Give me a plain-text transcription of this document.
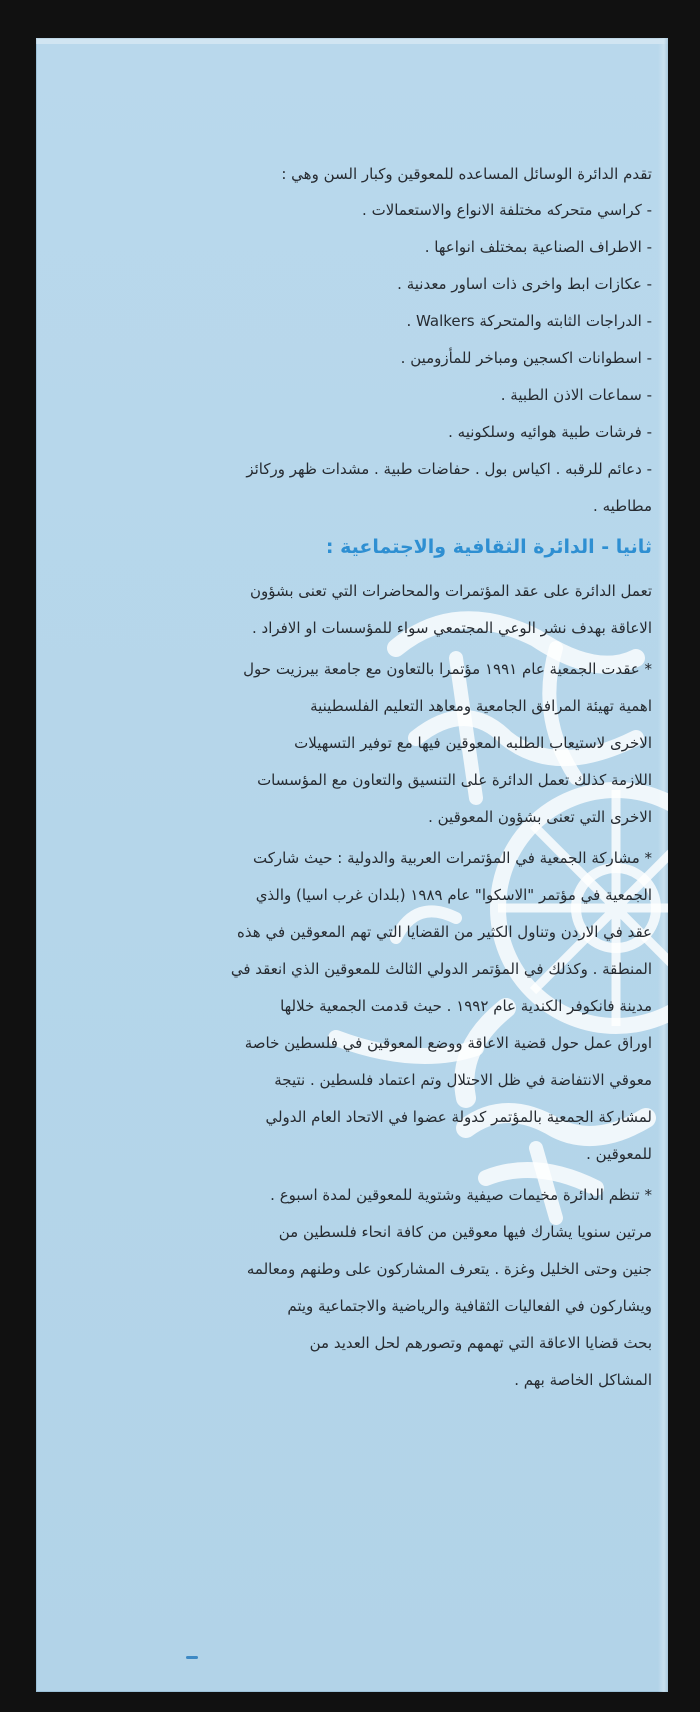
تقدم الدائرة الوسائل المساعده للمعوقين وكبار السن وهي :

- كراسي متحركه مختلفة الانواع والاستعمالات .
- الاطراف الصناعية بمختلف انواعها .
- عكازات ابط واخرى ذات اساور معدنية .
- الدراجات الثابته والمتحركة Walkers .
- اسطوانات اكسجين ومباخر للمأزومين .
- سماعات الاذن الطبية .
- فرشات طبية هوائيه وسلكونيه .
- دعائم للرقبه . اكياس بول . حفاضات طبية . مشدات ظهر وركائز
مطاطيه .
ثانيا - الدائرة الثقافية والاجتماعية :

تعمل الدائرة على عقد المؤتمرات والمحاضرات التي تعنى بشؤون

الاعاقة بهدف نشر الوعي المجتمعي سواء للمؤسسات او الافراد .

* عقدت الجمعية عام ١٩٩١ مؤتمرا بالتعاون مع جامعة بيرزيت حول

اهمية تهيئة المرافق الجامعية ومعاهد التعليم الفلسطينية

الاخرى لاستيعاب الطلبه المعوقين فيها مع توفير التسهيلات

اللازمة كذلك تعمل الدائرة على التنسيق والتعاون مع المؤسسات

الاخرى التي تعنى بشؤون المعوقين .

* مشاركة الجمعية في المؤتمرات العربية والدولية : حيث شاركت

الجمعية في مؤتمر "الاسكوا" عام ١٩٨٩ (بلدان غرب اسيا) والذي

عقد في الاردن وتناول الكثير من القضايا التي تهم المعوقين في هذه

المنطقة . وكذلك في المؤتمر الدولي الثالث للمعوقين الذي انعقد في

مدينة فانكوفر الكندية عام ١٩٩٢ . حيث قدمت الجمعية خلالها

اوراق عمل حول قضية الاعاقة ووضع المعوقين في فلسطين خاصة

معوقي الانتفاضة في ظل الاحتلال وتم اعتماد فلسطين . نتيجة

لمشاركة الجمعية بالمؤتمر كدولة عضوا في الاتحاد العام الدولي

للمعوقين .

* تنظم الدائرة مخيمات صيفية وشتوية للمعوقين لمدة اسبوع .

مرتين سنويا يشارك فيها معوقين من كافة انحاء فلسطين من

جنين وحتى الخليل وغزة . يتعرف المشاركون على وطنهم ومعالمه

ويشاركون في الفعاليات الثقافية والرياضية والاجتماعية ويتم

بحث قضايا الاعاقة التي تهمهم وتصورهم لحل العديد من

المشاكل الخاصة بهم .
